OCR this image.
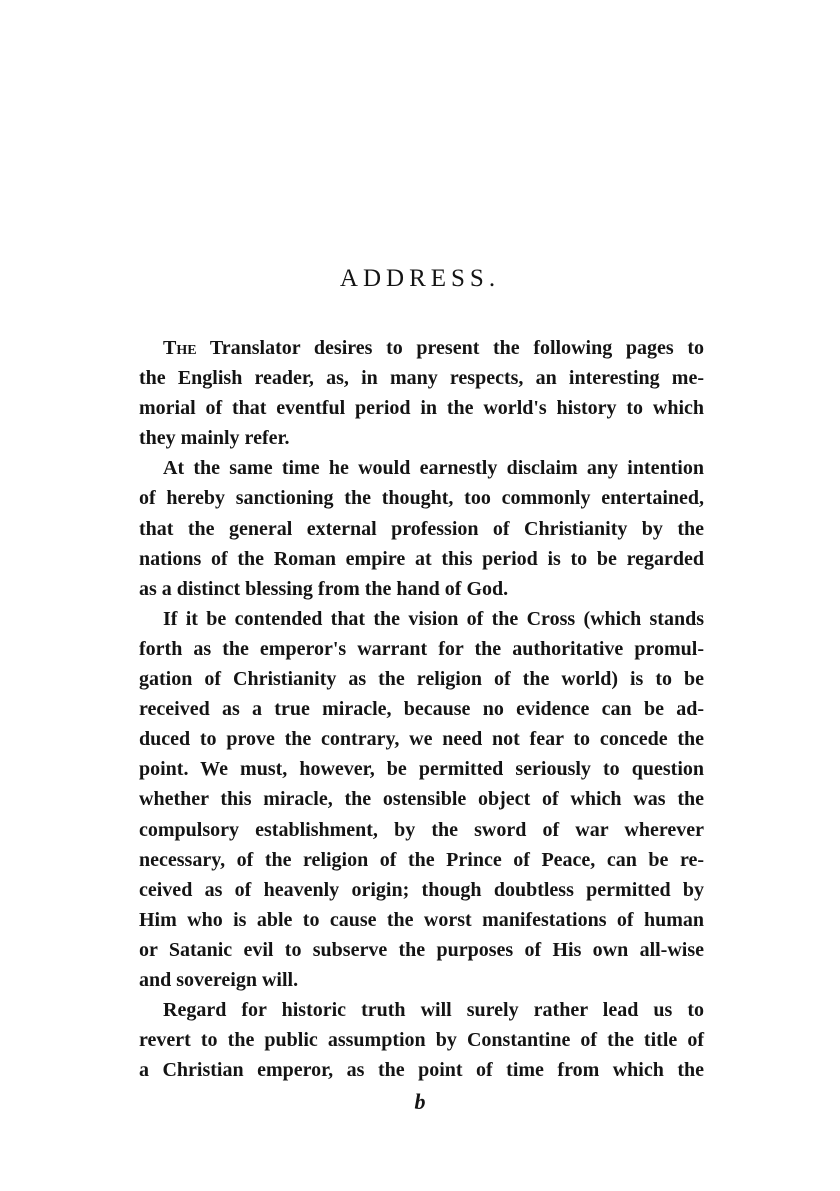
ADDRESS.
The Translator desires to present the following pages to
the English reader, as, in many respects, an interesting me-
morial of that eventful period in the world's history to which
they mainly refer.
At the same time he would earnestly disclaim any intention
of hereby sanctioning the thought, too commonly entertained,
that the general external profession of Christianity by the
nations of the Roman empire at this period is to be regarded
as a distinct blessing from the hand of God.
If it be contended that the vision of the Cross (which stands
forth as the emperor's warrant for the authoritative promul-
gation of Christianity as the religion of the world) is to be
received as a true miracle, because no evidence can be ad-
duced to prove the contrary, we need not fear to concede the
point. We must, however, be permitted seriously to question
whether this miracle, the ostensible object of which was the
compulsory establishment, by the sword of war wherever
necessary, of the religion of the Prince of Peace, can be re-
ceived as of heavenly origin; though doubtless permitted by
Him who is able to cause the worst manifestations of human
or Satanic evil to subserve the purposes of His own all-wise
and sovereign will.
Regard for historic truth will surely rather lead us to
revert to the public assumption by Constantine of the title of
a Christian emperor, as the point of time from which the
b
